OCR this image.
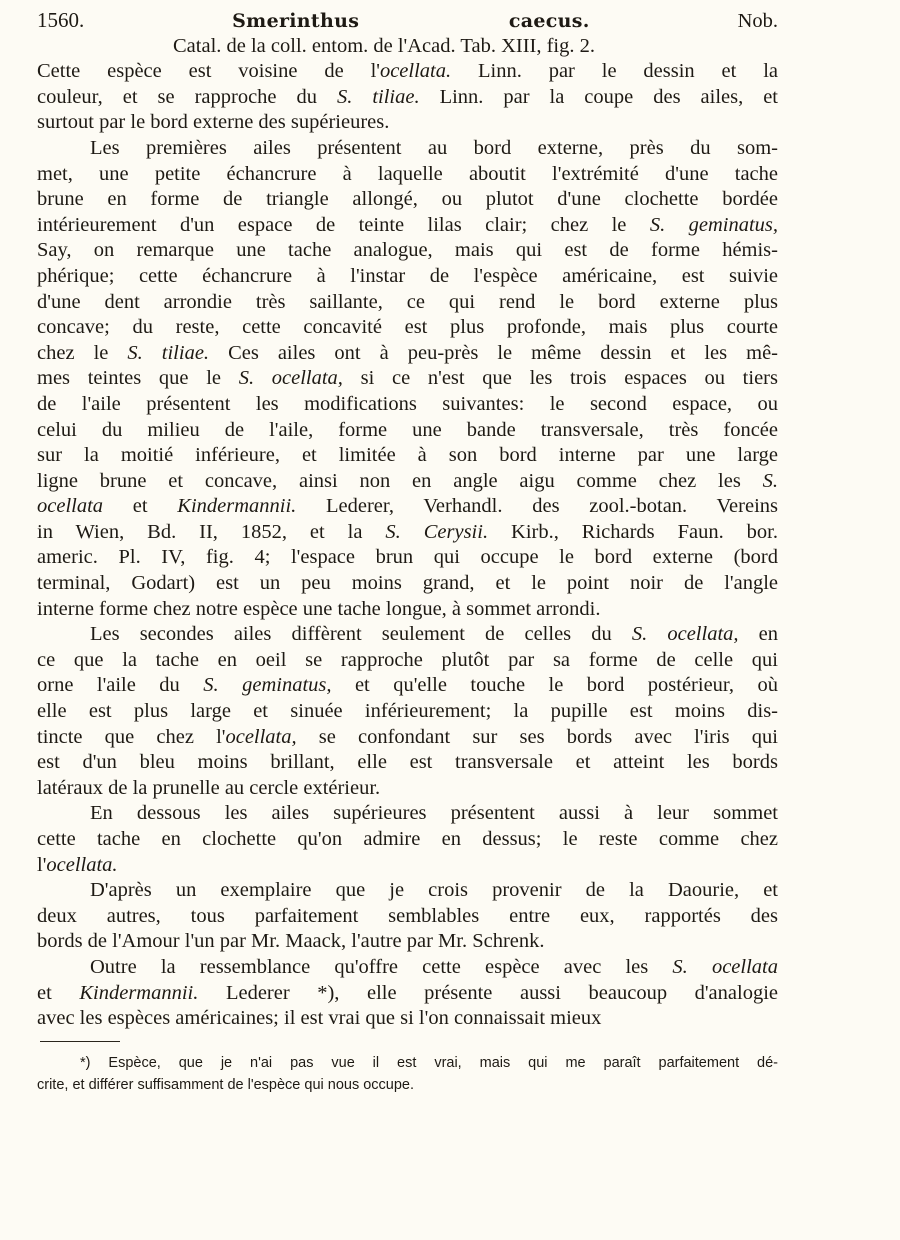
1560.	Smerinthus caecus.	Nob.
Catal. de la coll. entom. de l'Acad. Tab. XIII, fig. 2.
Cette espèce est voisine de l'ocellata. Linn. par le dessin et la
couleur, et se rapproche du S. tiliae. Linn. par la coupe des ailes, et
surtout par le bord externe des supérieures.
Les premières ailes présentent au bord externe, près du som-
met, une petite échancrure à laquelle aboutit l'extrémité d'une tache
brune en forme de triangle allongé, ou plutot d'une clochette bordée
intérieurement d'un espace de teinte lilas clair; chez le S. geminatus,
Say, on remarque une tache analogue, mais qui est de forme hémis-
phérique; cette échancrure à l'instar de l'espèce américaine, est suivie
d'une dent arrondie très saillante, ce qui rend le bord externe plus
concave; du reste, cette concavité est plus profonde, mais plus courte
chez le S. tiliae. Ces ailes ont à peu-près le même dessin et les mê-
mes teintes que le S. ocellata, si ce n'est que les trois espaces ou tiers
de l'aile présentent les modifications suivantes: le second espace, ou
celui du milieu de l'aile, forme une bande transversale, très foncée
sur la moitié inférieure, et limitée à son bord interne par une large
ligne brune et concave, ainsi non en angle aigu comme chez les S.
ocellata et Kindermannii. Lederer, Verhandl. des zool.-botan. Vereins
in Wien, Bd. II, 1852, et la S. Cerysii. Kirb., Richards Faun. bor.
americ. Pl. IV, fig. 4; l'espace brun qui occupe le bord externe (bord
terminal, Godart) est un peu moins grand, et le point noir de l'angle
interne forme chez notre espèce une tache longue, à sommet arrondi.
Les secondes ailes diffèrent seulement de celles du S. ocellata, en
ce que la tache en oeil se rapproche plutôt par sa forme de celle qui
orne l'aile du S. geminatus, et qu'elle touche le bord postérieur, où
elle est plus large et sinuée inférieurement; la pupille est moins dis-
tincte que chez l'ocellata, se confondant sur ses bords avec l'iris qui
est d'un bleu moins brillant, elle est transversale et atteint les bords
latéraux de la prunelle au cercle extérieur.
En dessous les ailes supérieures présentent aussi à leur sommet
cette tache en clochette qu'on admire en dessus; le reste comme chez
l'ocellata.
D'après un exemplaire que je crois provenir de la Daourie, et
deux autres, tous parfaitement semblables entre eux, rapportés des
bords de l'Amour l'un par Mr. Maack, l'autre par Mr. Schrenk.
Outre la ressemblance qu'offre cette espèce avec les S. ocellata
et Kindermannii. Lederer *), elle présente aussi beaucoup d'analogie
avec les espèces américaines; il est vrai que si l'on connaissait mieux
*) Espèce, que je n'ai pas vue il est vrai, mais qui me paraît parfaitement dé-
crite, et différer suffisamment de l'espèce qui nous occupe.
